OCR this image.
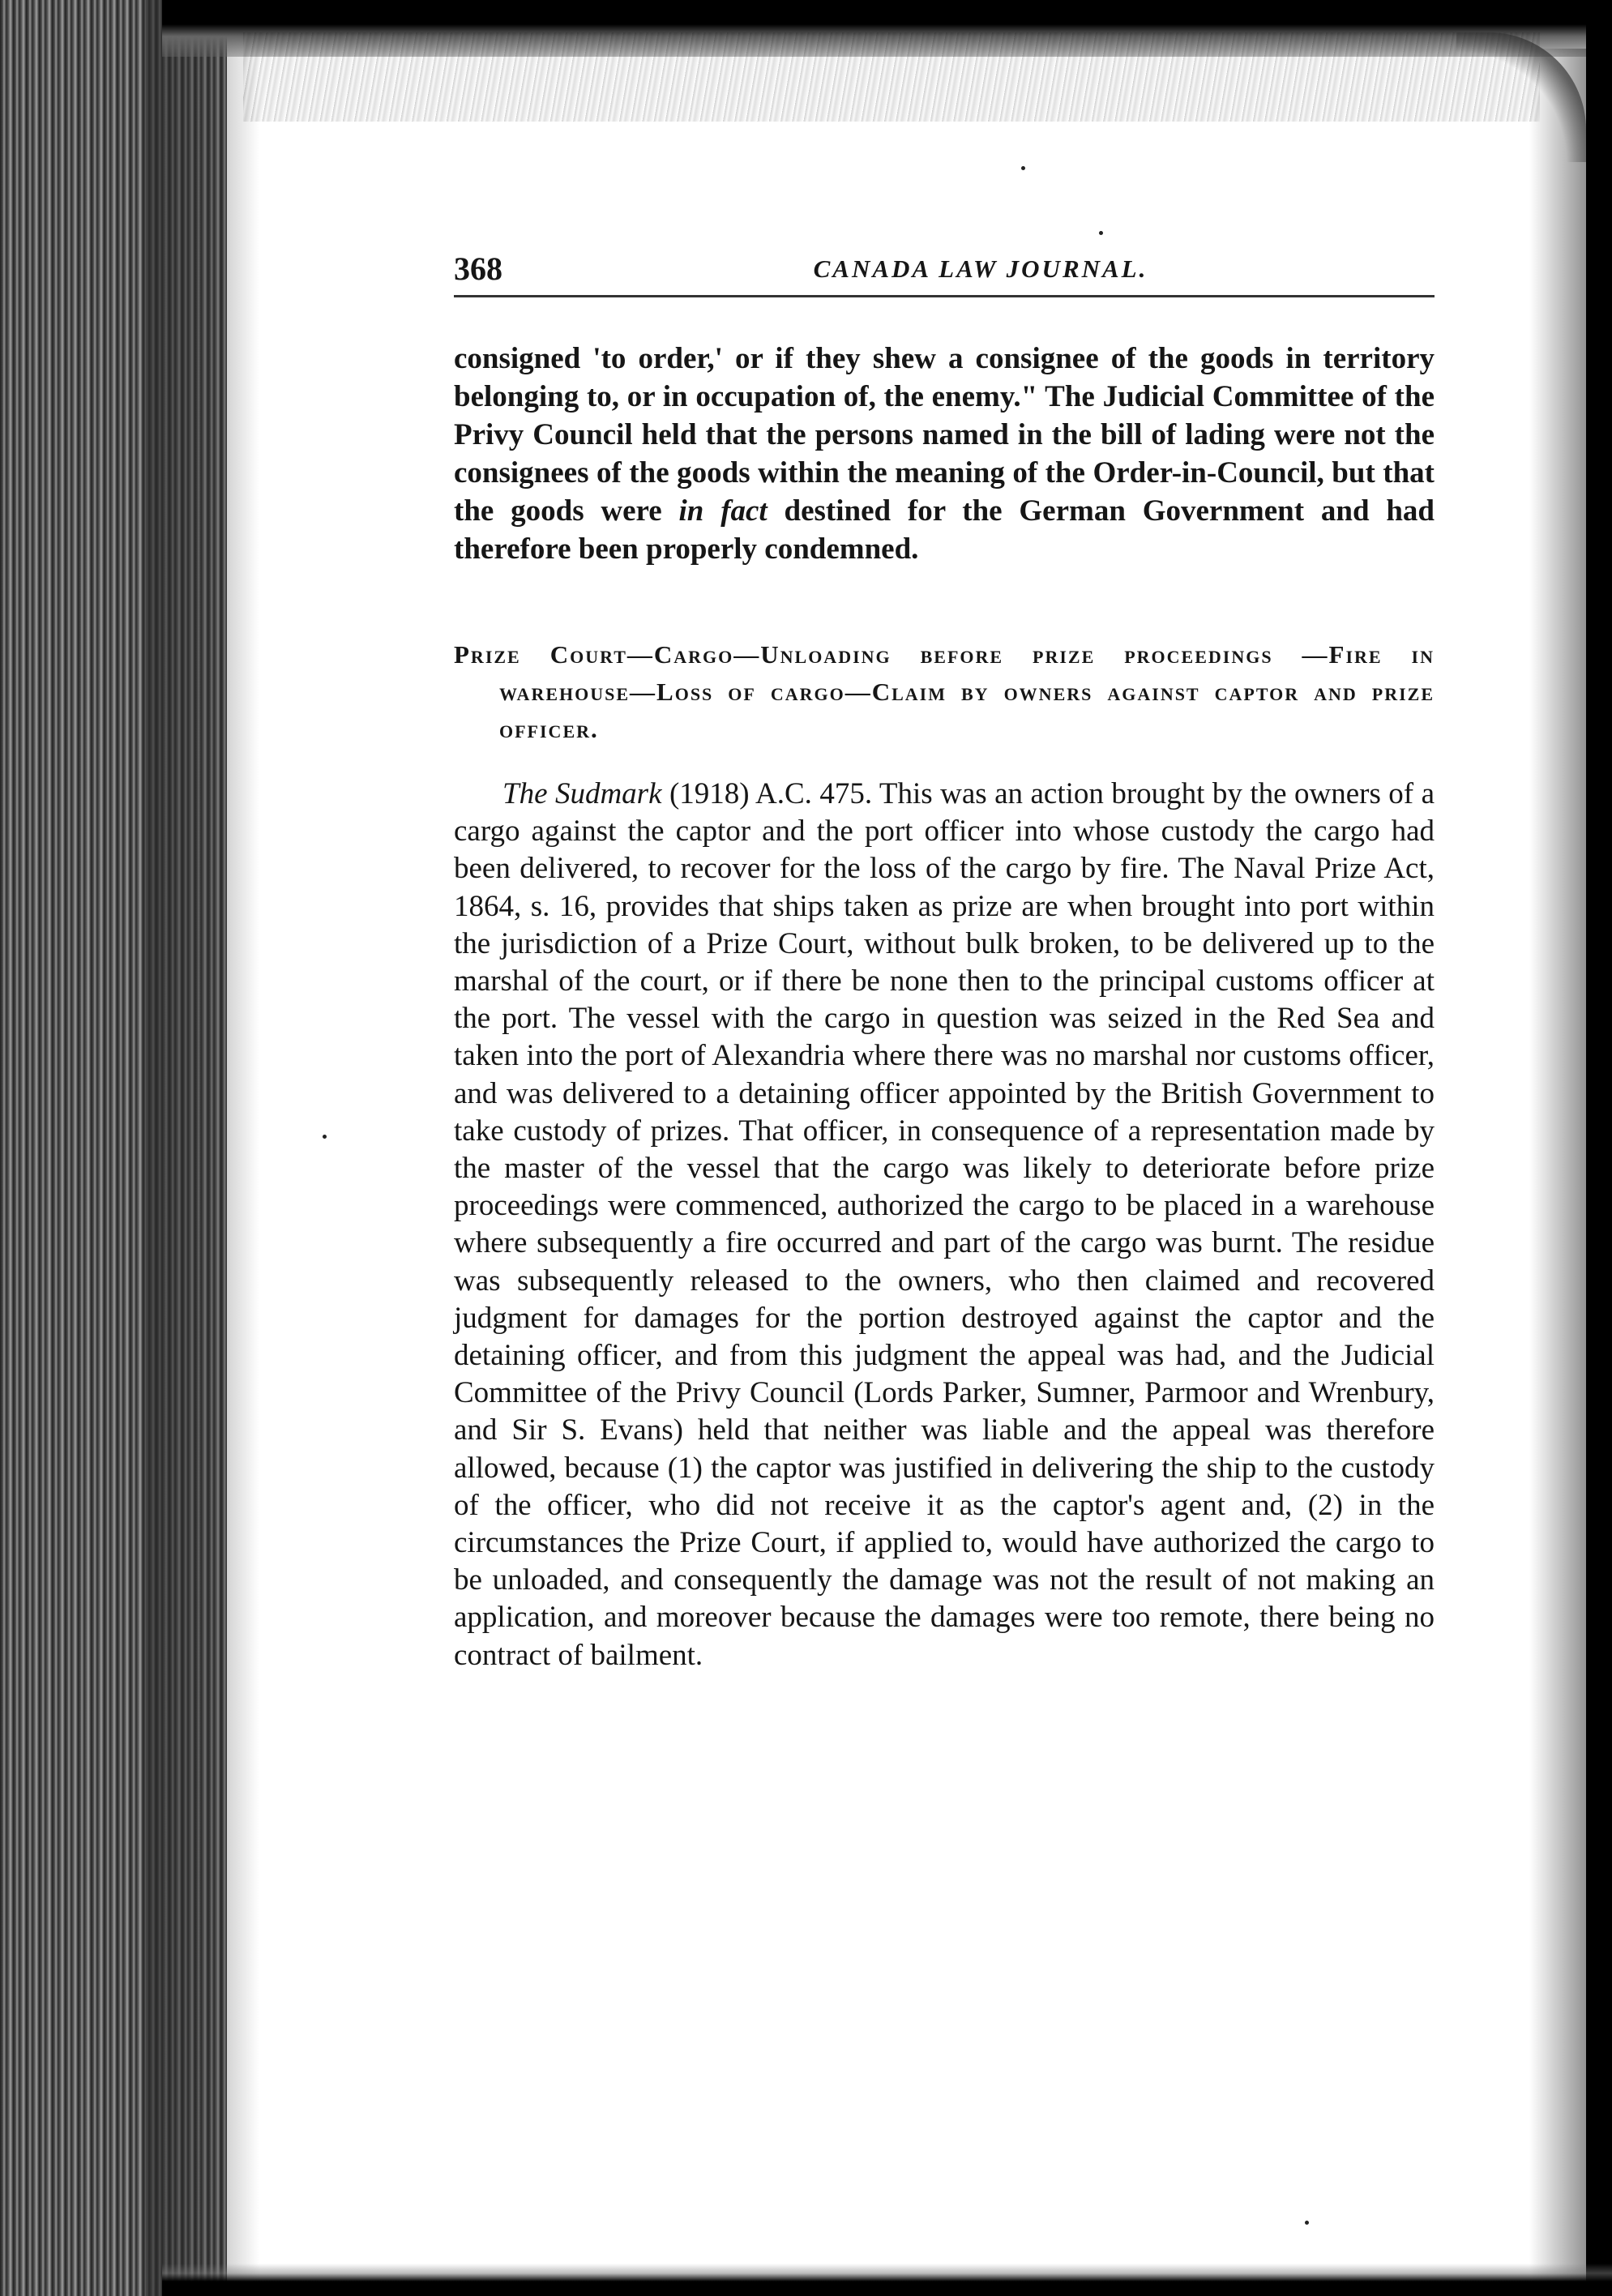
368	CANADA LAW JOURNAL.

consigned 'to order,' or if they shew a consignee of the goods in territory belonging to, or in occupation of, the enemy." The Judicial Committee of the Privy Council held that the persons named in the bill of lading were not the consignees of the goods within the meaning of the Order-in-Council, but that the goods were in fact destined for the German Government and had therefore been properly condemned.

Prize Court—Cargo—Unloading before prize proceedings —Fire in warehouse—Loss of cargo—Claim by owners against captor and prize officer.

The Sudmark (1918) A.C. 475. This was an action brought by the owners of a cargo against the captor and the port officer into whose custody the cargo had been delivered, to recover for the loss of the cargo by fire. The Naval Prize Act, 1864, s. 16, provides that ships taken as prize are when brought into port within the jurisdiction of a Prize Court, without bulk broken, to be delivered up to the marshal of the court, or if there be none then to the principal customs officer at the port. The vessel with the cargo in question was seized in the Red Sea and taken into the port of Alexandria where there was no marshal nor customs officer, and was delivered to a detaining officer appointed by the British Government to take custody of prizes. That officer, in consequence of a representation made by the master of the vessel that the cargo was likely to deteriorate before prize proceedings were commenced, authorized the cargo to be placed in a warehouse where subsequently a fire occurred and part of the cargo was burnt. The residue was subsequently released to the owners, who then claimed and recovered judgment for damages for the portion destroyed against the captor and the detaining officer, and from this judgment the appeal was had, and the Judicial Committee of the Privy Council (Lords Parker, Sumner, Parmoor and Wrenbury, and Sir S. Evans) held that neither was liable and the appeal was therefore allowed, because (1) the captor was justified in delivering the ship to the custody of the officer, who did not receive it as the captor's agent and, (2) in the circumstances the Prize Court, if applied to, would have authorized the cargo to be unloaded, and consequently the damage was not the result of not making an application, and moreover because the damages were too remote, there being no contract of bailment.
